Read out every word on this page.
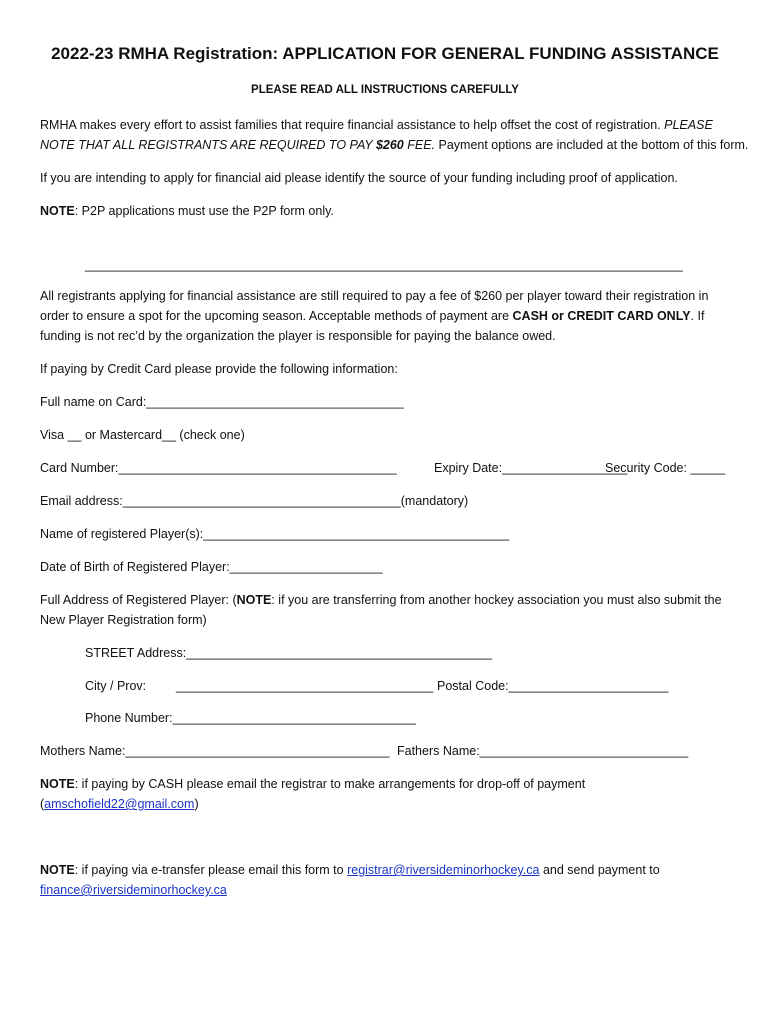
2022-23 RMHA Registration: APPLICATION FOR GENERAL FUNDING ASSISTANCE
PLEASE READ ALL INSTRUCTIONS CAREFULLY
RMHA makes every effort to assist families that require financial assistance to help offset the cost of registration. PLEASE
NOTE THAT ALL REGISTRANTS ARE REQUIRED TO PAY $260 FEE. Payment options are included at the bottom of this form.
If you are intending to apply for financial aid please identify the source of your funding including proof of application.
NOTE: P2P applications must use the P2P form only.
______________________________________________________________________________________
All registrants applying for financial assistance are still required to pay a fee of $260 per player toward their registration in
order to ensure a spot for the upcoming season. Acceptable methods of payment are CASH or CREDIT CARD ONLY. If
funding is not rec’d by the organization the player is responsible for paying the balance owed.
If paying by Credit Card please provide the following information:
Full name on Card:_____________________________________
Visa __ or Mastercard__ (check one)
Card Number:________________________________________	Expiry Date:__________________
Security Code: _____
Email address:________________________________________(mandatory)
Name of registered Player(s):____________________________________________
Date of Birth of Registered Player:______________________
Full Address of Registered Player: (NOTE: if you are transferring from another hockey association you must also submit the
New Player Registration form)
STREET Address:____________________________________________
City / Prov: _____________________________________ Postal Code:_______________________
Phone Number:___________________________________
Mothers Name:______________________________________ Fathers Name:______________________________
NOTE: if paying by CASH please email the registrar to make arrangements for drop-off of payment
(amschofield22@gmail.com)
NOTE: if paying via e-transfer please email this form to registrar@riversideminorhockey.ca and send payment to
finance@riversideminorhockey.ca
